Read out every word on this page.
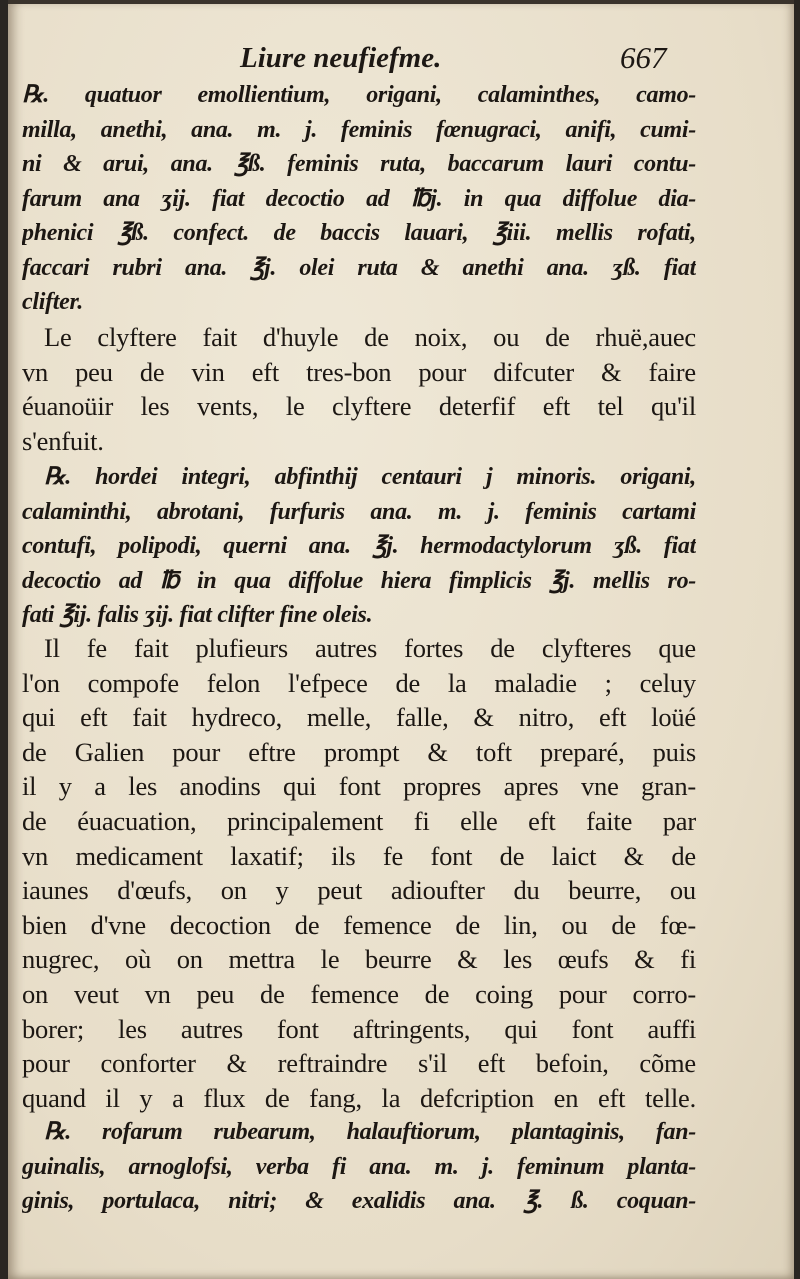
Liure neufiefme.	667
℞. quatuor emollientium, origani, calaminthes, camo-
milla, anethi, ana. m. j. feminis fœnugraci, anifi, cumi-
ni & arui, ana. ℥ß. feminis ruta, baccarum lauri contu-
farum ana ʒij. fiat decoctio ad ℔j. in qua diffolue dia-
phenici ℥ß. confect. de baccis lauari, ℥iii. mellis rofati,
faccari rubri ana. ℥j. olei ruta & anethi ana. ʒß. fiat
clifter.
Le clyftere fait d'huyle de noix, ou de rhuë,auec
vn peu de vin eft tres-bon pour difcuter & faire
éuanoüir les vents, le clyftere deterfif eft tel qu'il
s'enfuit.
℞. hordei integri, abfinthij centauri j minoris. origani,
calaminthi, abrotani, furfuris ana. m. j. feminis cartami
contufi, polipodi, querni ana. ℥j. hermodactylorum ʒß. fiat
decoctio ad ℔ in qua diffolue hiera fimplicis ℥j. mellis ro-
fati ℥ij. falis ʒij. fiat clifter fine oleis.
Il fe fait plufieurs autres fortes de clyfteres que
l'on compofe felon l'efpece de la maladie ; celuy
qui eft fait hydreco, melle, falle, & nitro, eft loüé
de Galien pour eftre prompt & toft preparé, puis
il y a les anodins qui font propres apres vne gran-
de éuacuation, principalement fi elle eft faite par
vn medicament laxatif; ils fe font de laict & de
iaunes d'œufs, on y peut adioufter du beurre, ou
bien d'vne decoction de femence de lin, ou de fœ-
nugrec, où on mettra le beurre & les œufs & fi
on veut vn peu de femence de coing pour corro-
borer; les autres font aftringents, qui font auffi
pour conforter & reftraindre s'il eft befoin, cõme
quand il y a flux de fang, la defcription en eft telle.
℞. rofarum rubearum, halauftiorum, plantaginis, fan-
guinalis, arnoglofsi, verba fi ana. m. j. feminum planta-
ginis, portulaca, nitri; & exalidis ana. ℥. ß. coquan-
